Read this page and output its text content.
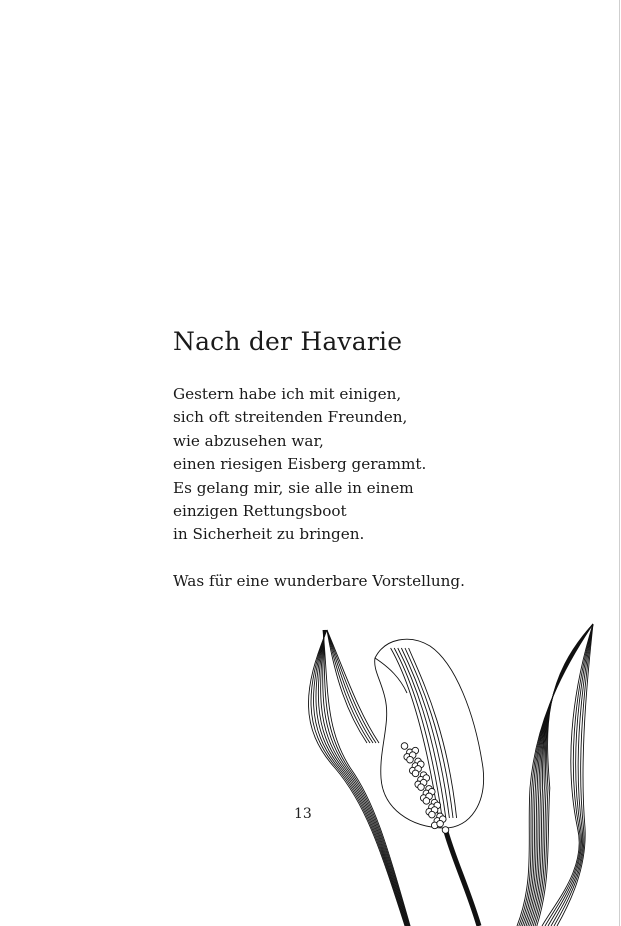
Nach der Havarie
Gestern habe ich mit einigen,
sich oft streitenden Freunden,
wie abzusehen war,
einen riesigen Eisberg gerammt.
Es gelang mir, sie alle in einem
einzigen Rettungsboot
in Sicherheit zu bringen.
Was für eine wunderbare Vorstellung.
13
